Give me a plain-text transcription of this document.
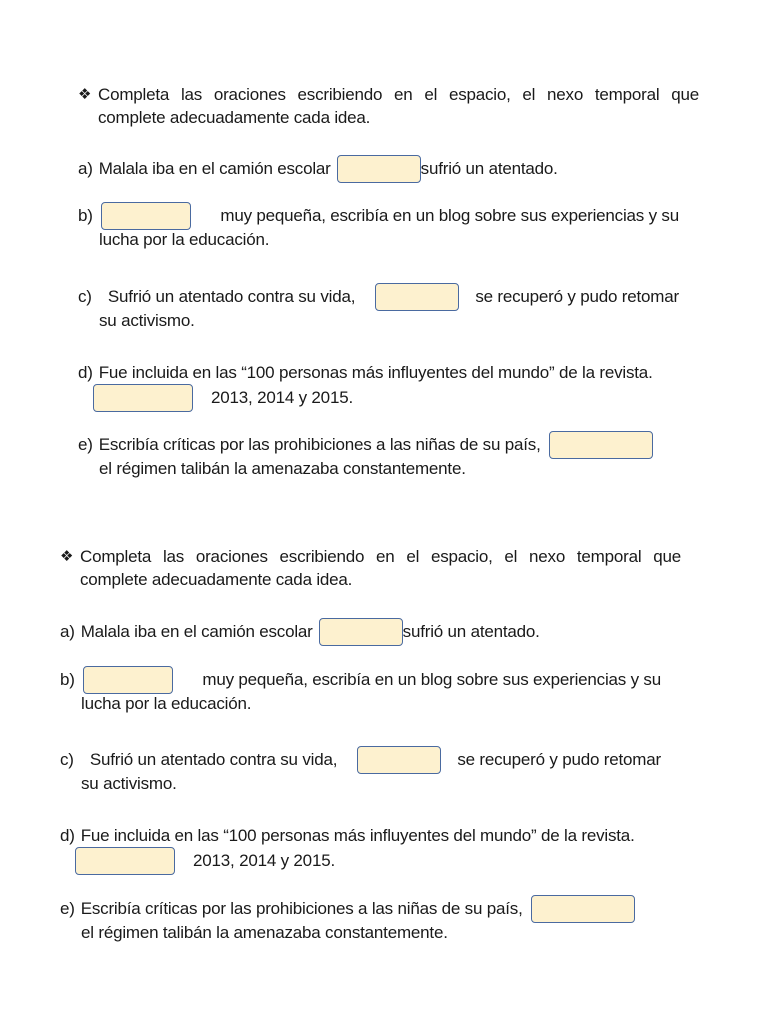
❖ Completa las oraciones escribiendo en el espacio, el nexo temporal que
complete adecuadamente cada idea.
a) Malala iba en el camión escolar	sufrió un atentado.
b)	muy pequeña, escribía en un blog sobre sus experiencias y su
lucha por la educación.
c) Sufrió un atentado contra su vida,	se recuperó y pudo retomar
su activismo.
d) Fue incluida en las “100 personas más influyentes del mundo” de la revista.
2013, 2014 y 2015.
e) Escribía críticas por las prohibiciones a las niñas de su país,
el régimen talibán la amenazaba constantemente.
❖ Completa las oraciones escribiendo en el espacio, el nexo temporal que
complete adecuadamente cada idea.
a) Malala iba en el camión escolar	sufrió un atentado.
b)	muy pequeña, escribía en un blog sobre sus experiencias y su
lucha por la educación.
c) Sufrió un atentado contra su vida,	se recuperó y pudo retomar
su activismo.
d) Fue incluida en las “100 personas más influyentes del mundo” de la revista.
2013, 2014 y 2015.
e) Escribía críticas por las prohibiciones a las niñas de su país,
el régimen talibán la amenazaba constantemente.
